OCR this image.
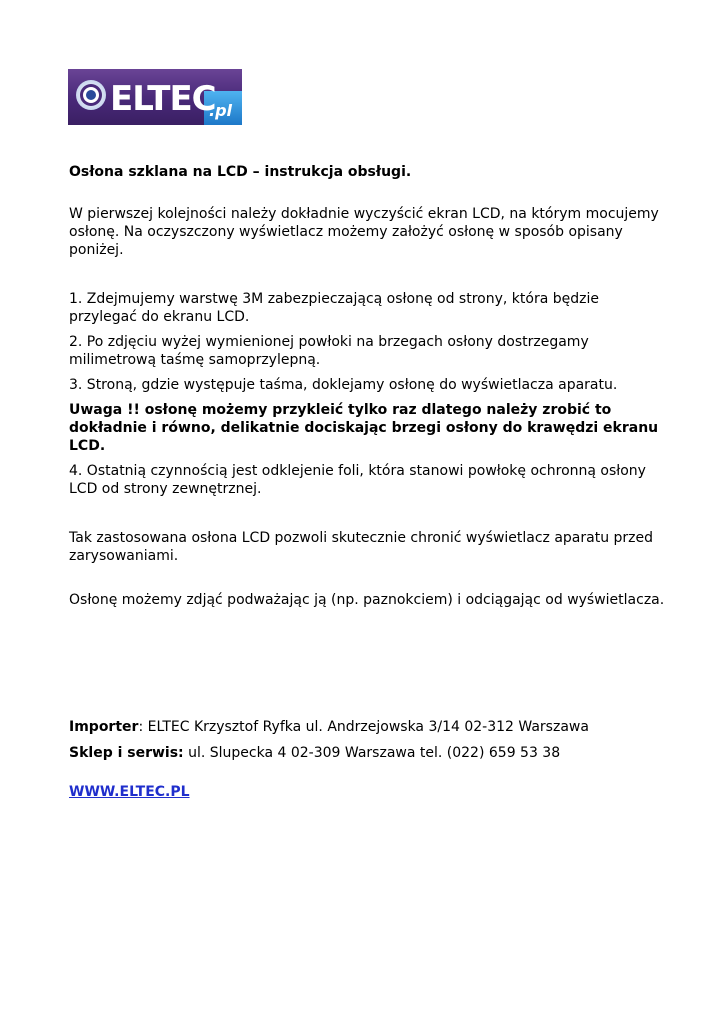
ELTEC
.pl

Osłona szklana na LCD – instrukcja obsługi.

W pierwszej kolejności należy dokładnie wyczyścić ekran LCD, na którym mocujemy osłonę. Na oczyszczony wyświetlacz możemy założyć osłonę w sposób opisany poniżej.

1. Zdejmujemy warstwę 3M zabezpieczającą osłonę od strony, która będzie przylegać do ekranu LCD.

2. Po zdjęciu wyżej wymienionej powłoki na brzegach osłony dostrzegamy milimetrową taśmę samoprzylepną.

3. Stroną, gdzie występuje taśma, doklejamy osłonę do wyświetlacza aparatu.

Uwaga !! osłonę możemy przykleić tylko raz dlatego należy zrobić to dokładnie i równo, delikatnie dociskając brzegi osłony do krawędzi ekranu LCD.

4. Ostatnią czynnością jest odklejenie foli, która stanowi powłokę ochronną osłony LCD od strony zewnętrznej.

Tak zastosowana osłona LCD pozwoli skutecznie chronić wyświetlacz aparatu przed zarysowaniami.

Osłonę możemy zdjąć podważając ją (np. paznokciem) i odciągając od wyświetlacza.

Importer: ELTEC Krzysztof Ryfka ul. Andrzejowska 3/14 02-312 Warszawa

Sklep i serwis: ul. Slupecka 4 02-309 Warszawa tel. (022) 659 53 38

WWW.ELTEC.PL
